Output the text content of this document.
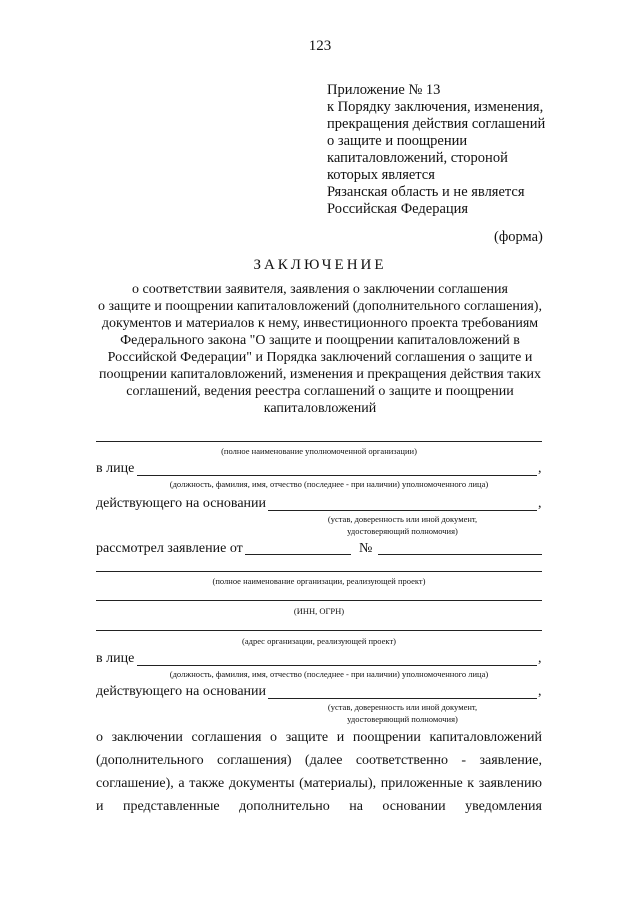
123
Приложение № 13
к Порядку заключения, изменения,
прекращения действия соглашений
о защите и поощрении
капиталовложений, стороной
которых является
Рязанская область и не является
Российская Федерация
(форма)
ЗАКЛЮЧЕНИЕ
о соответствии заявителя, заявления о заключении соглашения
о защите и поощрении капиталовложений (дополнительного соглашения),
документов и материалов к нему, инвестиционного проекта требованиям
Федерального закона "О защите и поощрении капиталовложений в
Российской Федерации" и Порядка заключений соглашения о защите и
поощрении капиталовложений, изменения и прекращения действия таких
соглашений, ведения реестра соглашений о защите и поощрении
капиталовложений
(полное наименование уполномоченной организации)
в лице	,
(должность, фамилия, имя, отчество (последнее - при наличии) уполномоченного лица)
действующего на основании	,
(устав, доверенность или иной документ,
удостоверяющий полномочия)
рассмотрел заявление от	№
(полное наименование организации, реализующей проект)
(ИНН, ОГРН)
(адрес организации, реализующей проект)
в лице	,
(должность, фамилия, имя, отчество (последнее - при наличии) уполномоченного лица)
действующего на основании	,
(устав, доверенность или иной документ,
удостоверяющий полномочия)
о заключении соглашения о защите и поощрении капиталовложений
(дополнительного соглашения) (далее соответственно - заявление,
соглашение), а также документы (материалы), приложенные к заявлению
и представленные дополнительно на основании уведомления
